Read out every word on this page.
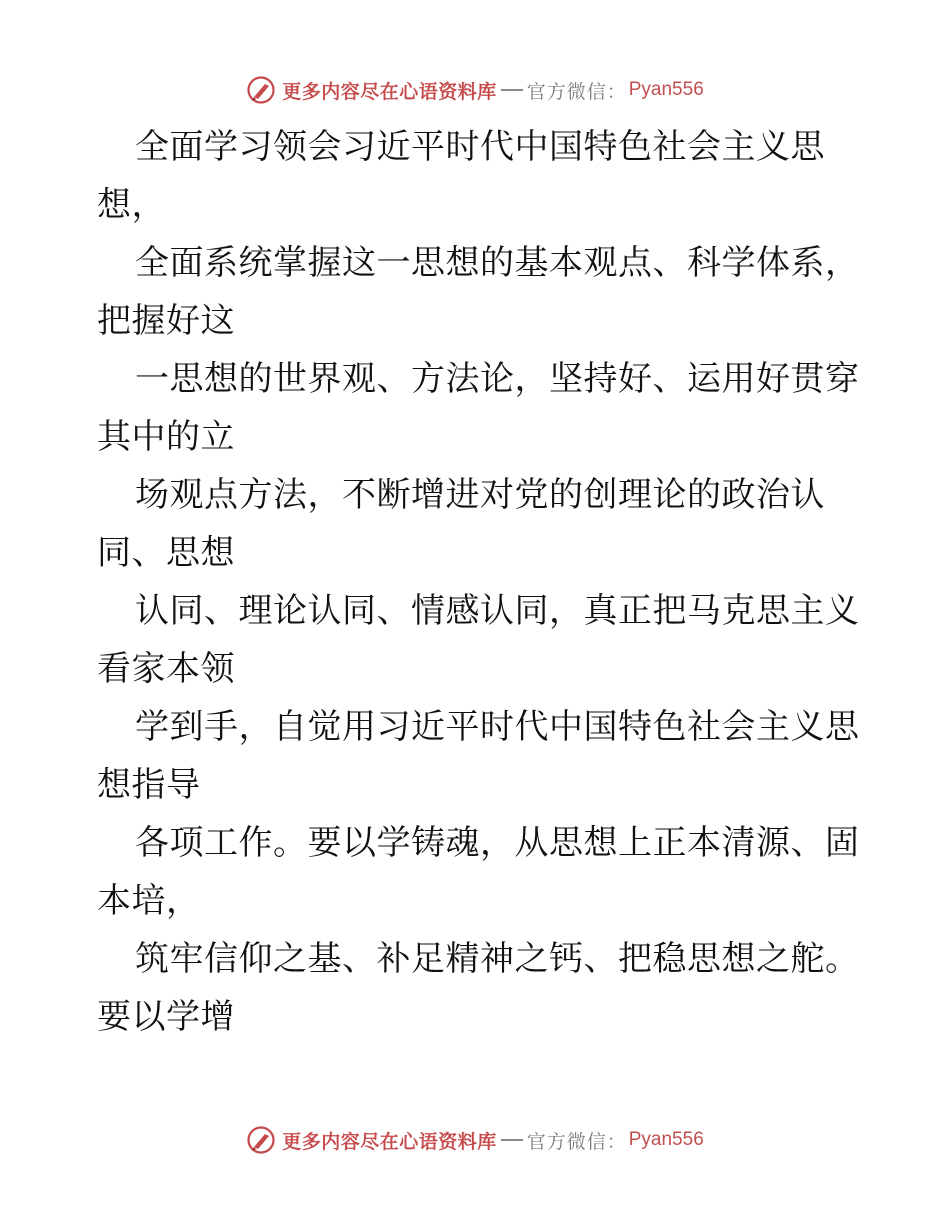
更多内容尽在心语资料库 官方微信： Pyan556
全面学习领会习近平时代中国特色社会主义思
想，
全面系统掌握这一思想的基本观点、科学体系，
把握好这
一思想的世界观、方法论，坚持好、运用好贯穿
其中的立
场观点方法，不断增进对党的创理论的政治认
同、思想
认同、理论认同、情感认同，真正把马克思主义
看家本领
学到手，自觉用习近平时代中国特色社会主义思
想指导
各项工作。要以学铸魂，从思想上正本清源、固
本培，
筑牢信仰之基、补足精神之钙、把稳思想之舵。
要以学增
更多内容尽在心语资料库 官方微信： Pyan556
